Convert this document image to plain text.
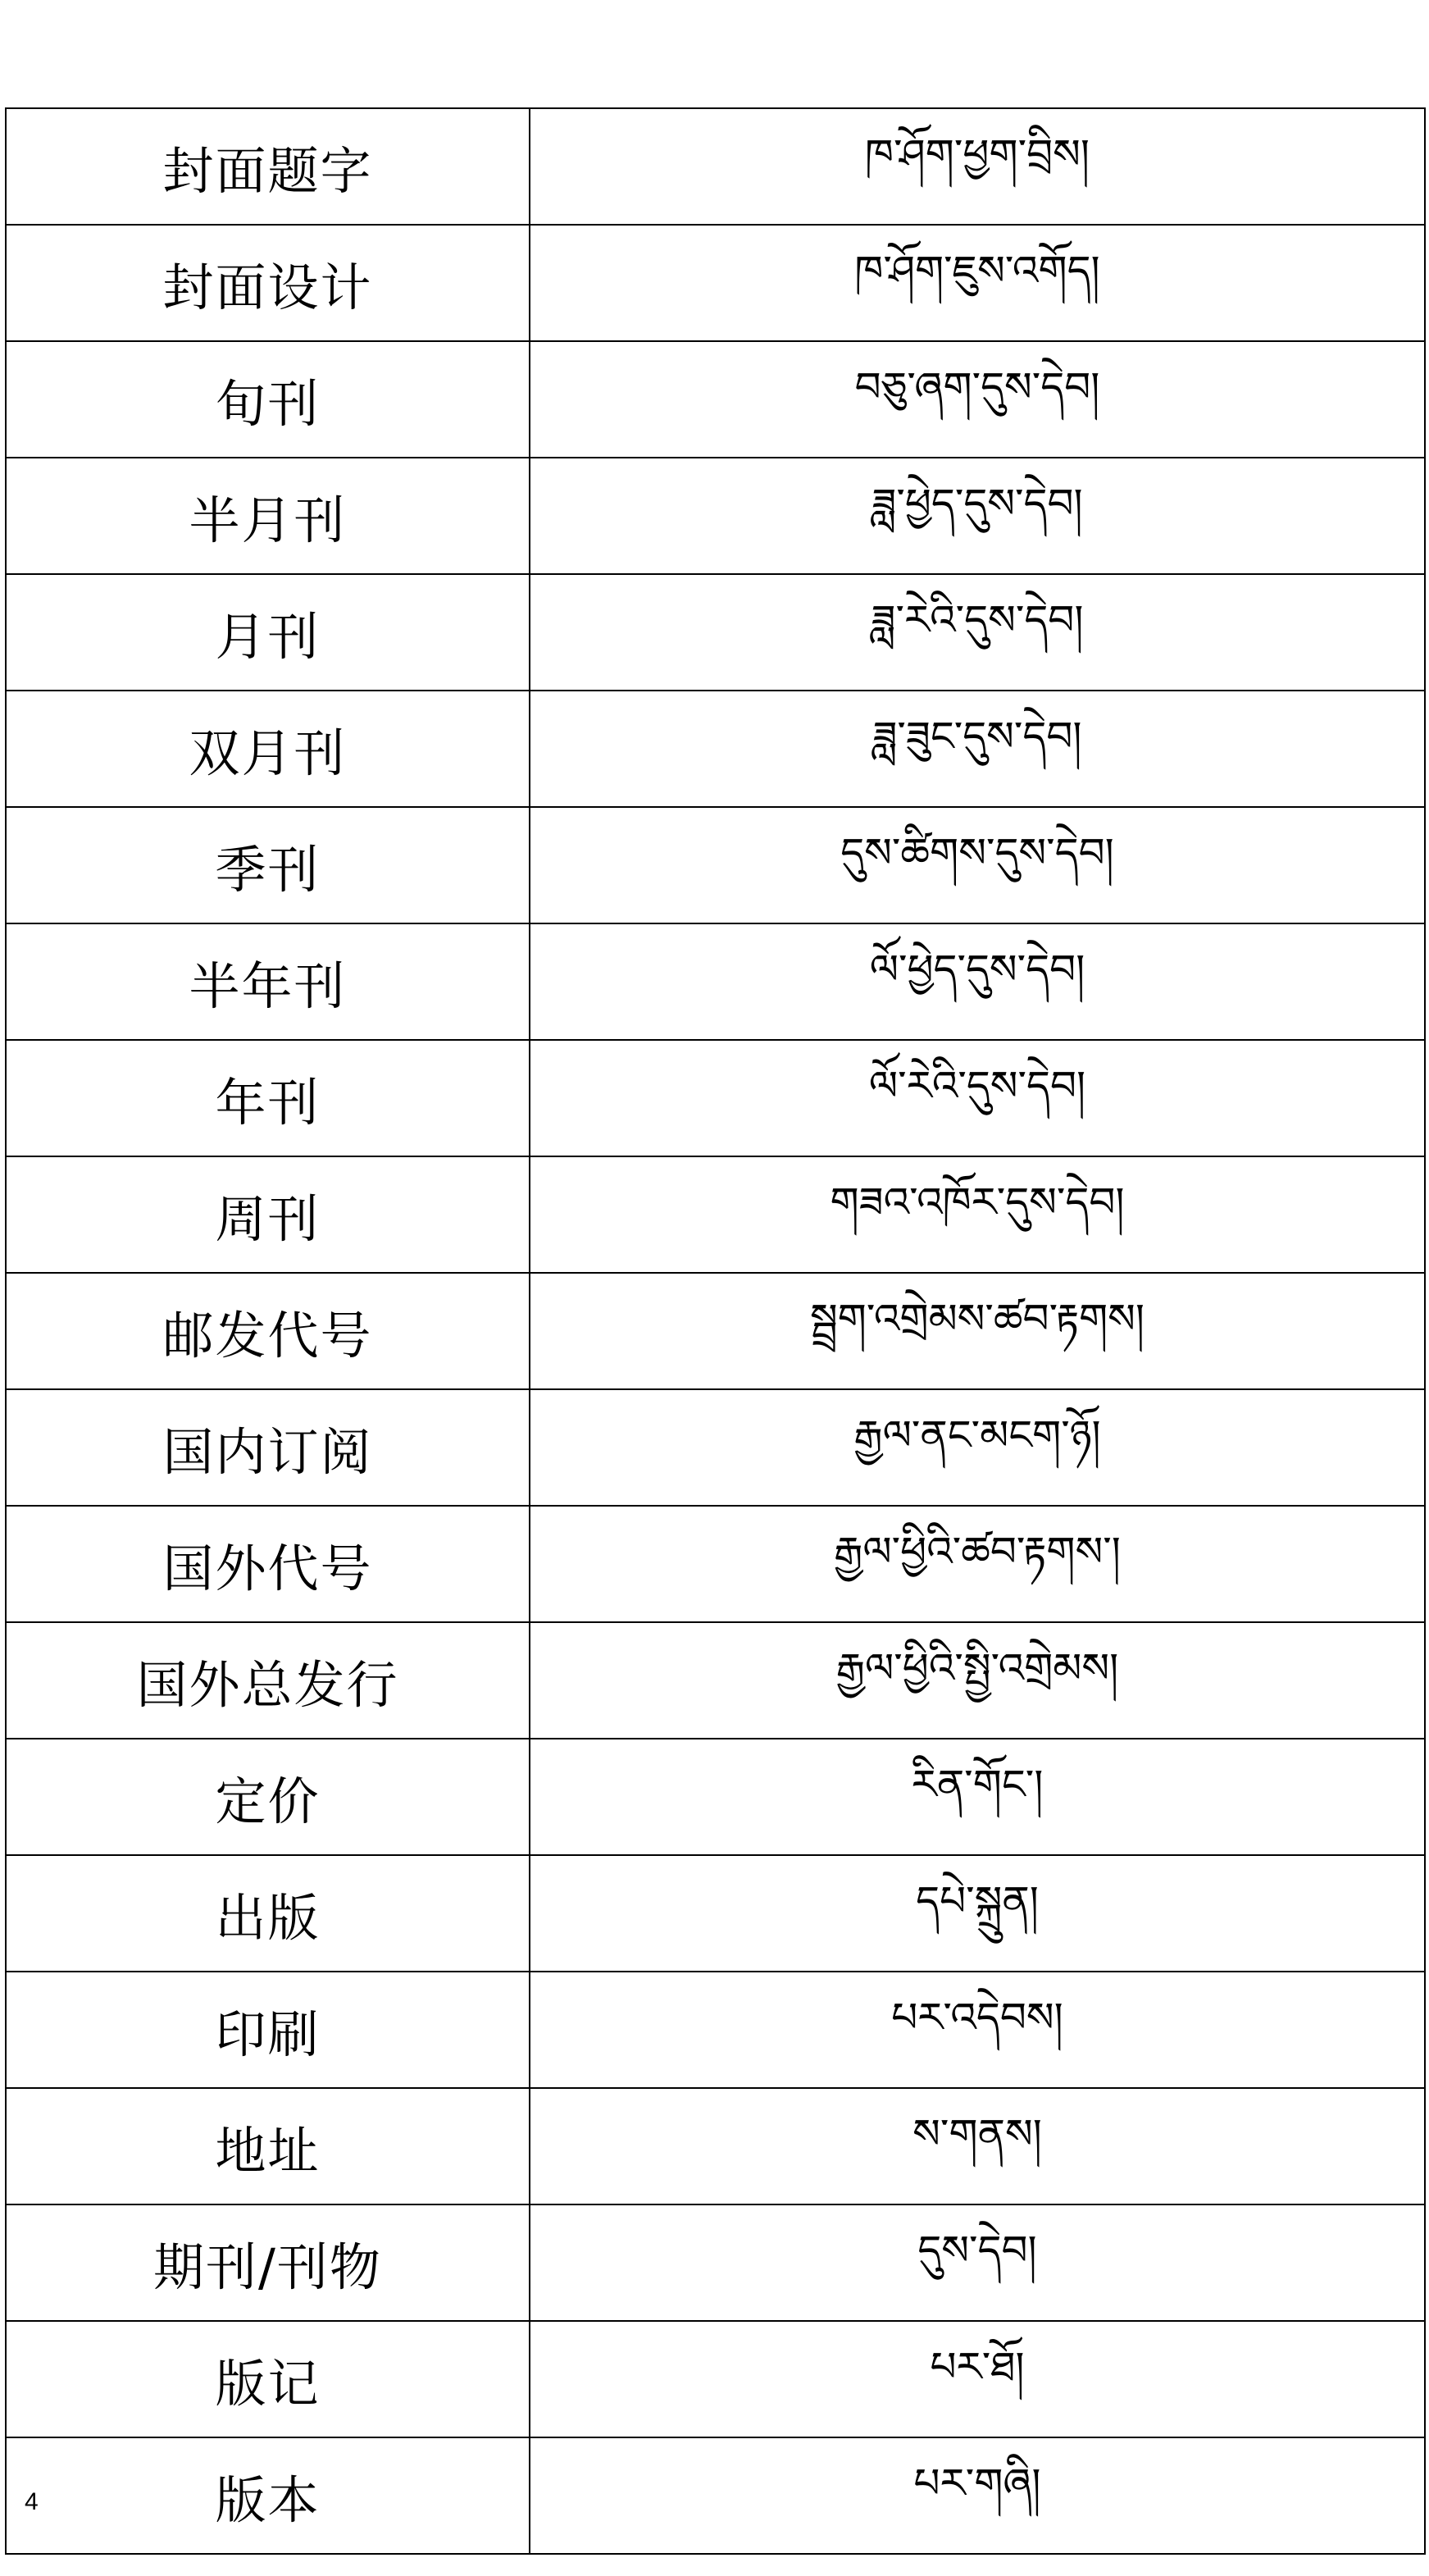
封面题字	ཁ་ཤོག་ཕྱག་བྲིས།
封面设计	ཁ་ཤོག་ཇུས་འགོད།
旬刊	བཅུ་ཞག་དུས་དེབ།
半月刊	ཟླ་ཕྱེད་དུས་དེབ།
月刊	ཟླ་རེའི་དུས་དེབ།
双月刊	ཟླ་ཟུང་དུས་དེབ།
季刊	དུས་ཚིགས་དུས་དེབ།
半年刊	ལོ་ཕྱེད་དུས་དེབ།
年刊	ལོ་རེའི་དུས་དེབ།
周刊	གཟའ་འཁོར་དུས་དེབ།
邮发代号	སྦྲག་འགྲེམས་ཚབ་རྟགས།
国内订阅	རྒྱལ་ནང་མངག་ཉོ།
国外代号	རྒྱལ་ཕྱིའི་ཚབ་རྟགས་།
国外总发行	རྒྱལ་ཕྱིའི་སྤྱི་འགྲེམས།
定价	རིན་གོང་།
出版	དཔེ་སྐྲུན།
印刷	པར་འདེབས།
地址	ས་གནས།
期刊/刊物	དུས་དེབ།
版记	པར་ཐོ།
版本	པར་གཞི།
4
